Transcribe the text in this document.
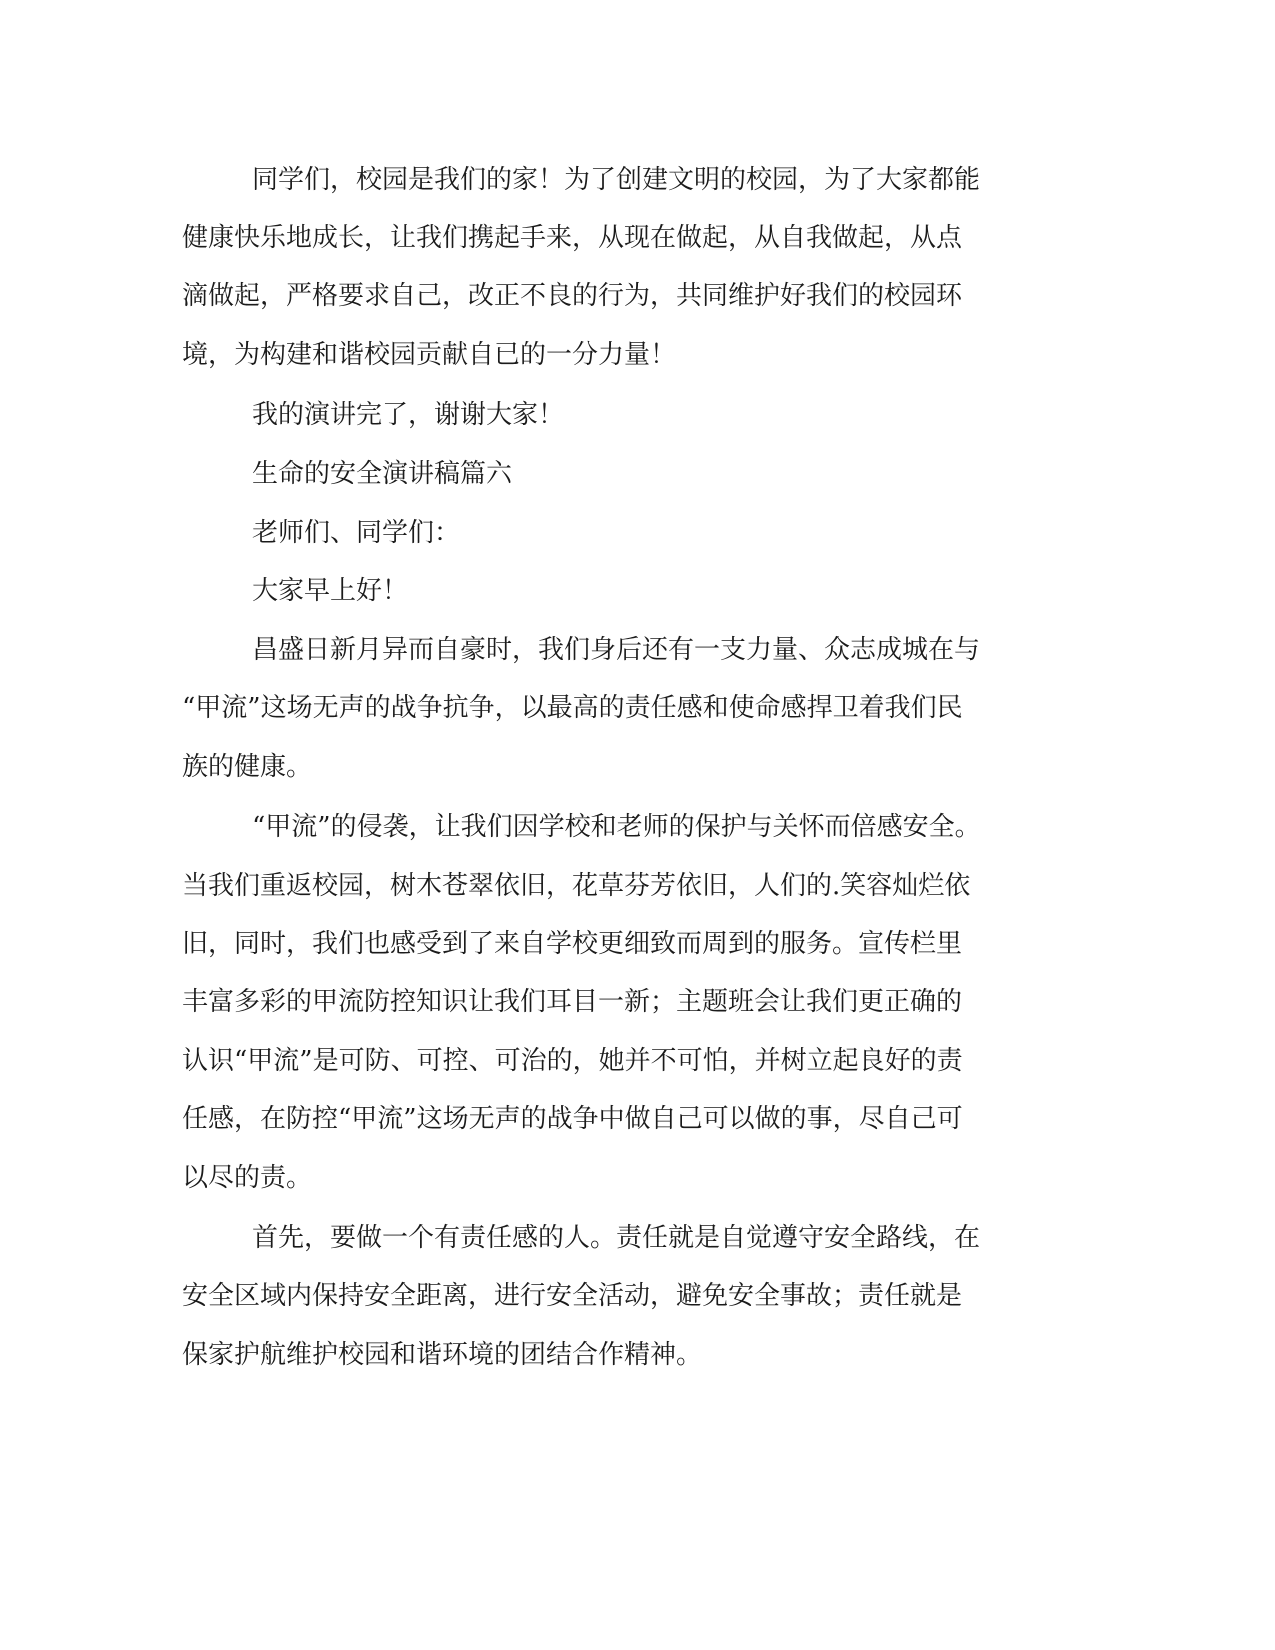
同学们，校园是我们的家！为了创建文明的校园，为了大家都能

健康快乐地成长，让我们携起手来，从现在做起，从自我做起，从点

滴做起，严格要求自己，改正不良的行为，共同维护好我们的校园环

境，为构建和谐校园贡献自已的一分力量！

我的演讲完了，谢谢大家！

生命的安全演讲稿篇六

老师们、同学们：

大家早上好！

昌盛日新月异而自豪时，我们身后还有一支力量、众志成城在与

“甲流”这场无声的战争抗争，以最高的责任感和使命感捍卫着我们民

族的健康。

“甲流”的侵袭，让我们因学校和老师的保护与关怀而倍感安全。

当我们重返校园，树木苍翠依旧，花草芬芳依旧，人们的.笑容灿烂依

旧，同时，我们也感受到了来自学校更细致而周到的服务。宣传栏里

丰富多彩的甲流防控知识让我们耳目一新；主题班会让我们更正确的

认识“甲流”是可防、可控、可治的，她并不可怕，并树立起良好的责

任感，在防控“甲流”这场无声的战争中做自己可以做的事，尽自己可

以尽的责。

首先，要做一个有责任感的人。责任就是自觉遵守安全路线，在

安全区域内保持安全距离，进行安全活动，避免安全事故；责任就是

保家护航维护校园和谐环境的团结合作精神。
